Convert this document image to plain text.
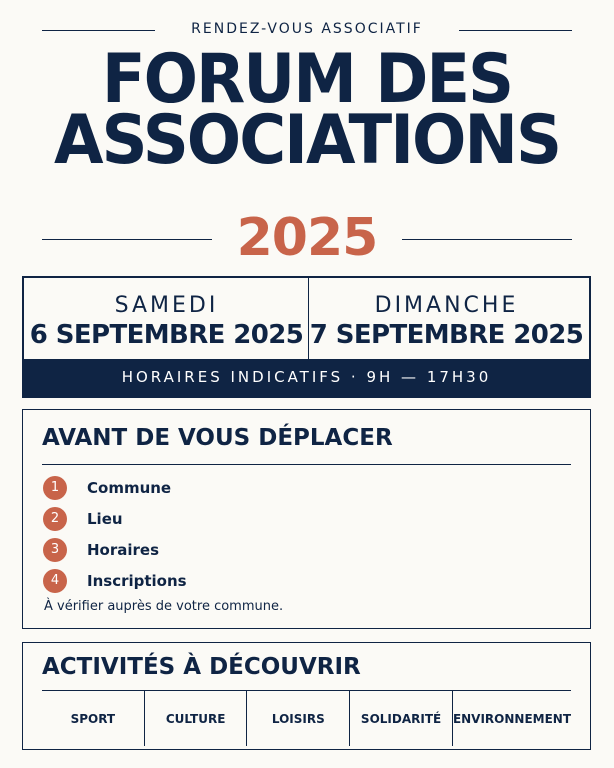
RENDEZ-VOUS ASSOCIATIF
FORUM DES
ASSOCIATIONS
2025
SAMEDI
6 SEPTEMBRE 2025
DIMANCHE
7 SEPTEMBRE 2025
HORAIRES INDICATIFS · 9H — 17H30
AVANT DE VOUS DÉPLACER
1	Commune
2	Lieu
3	Horaires
4	Inscriptions
À vérifier auprès de votre commune.
ACTIVITÉS À DÉCOUVRIR
SPORT	CULTURE	LOISIRS	SOLIDARITÉ ENVIRONNEMENT
